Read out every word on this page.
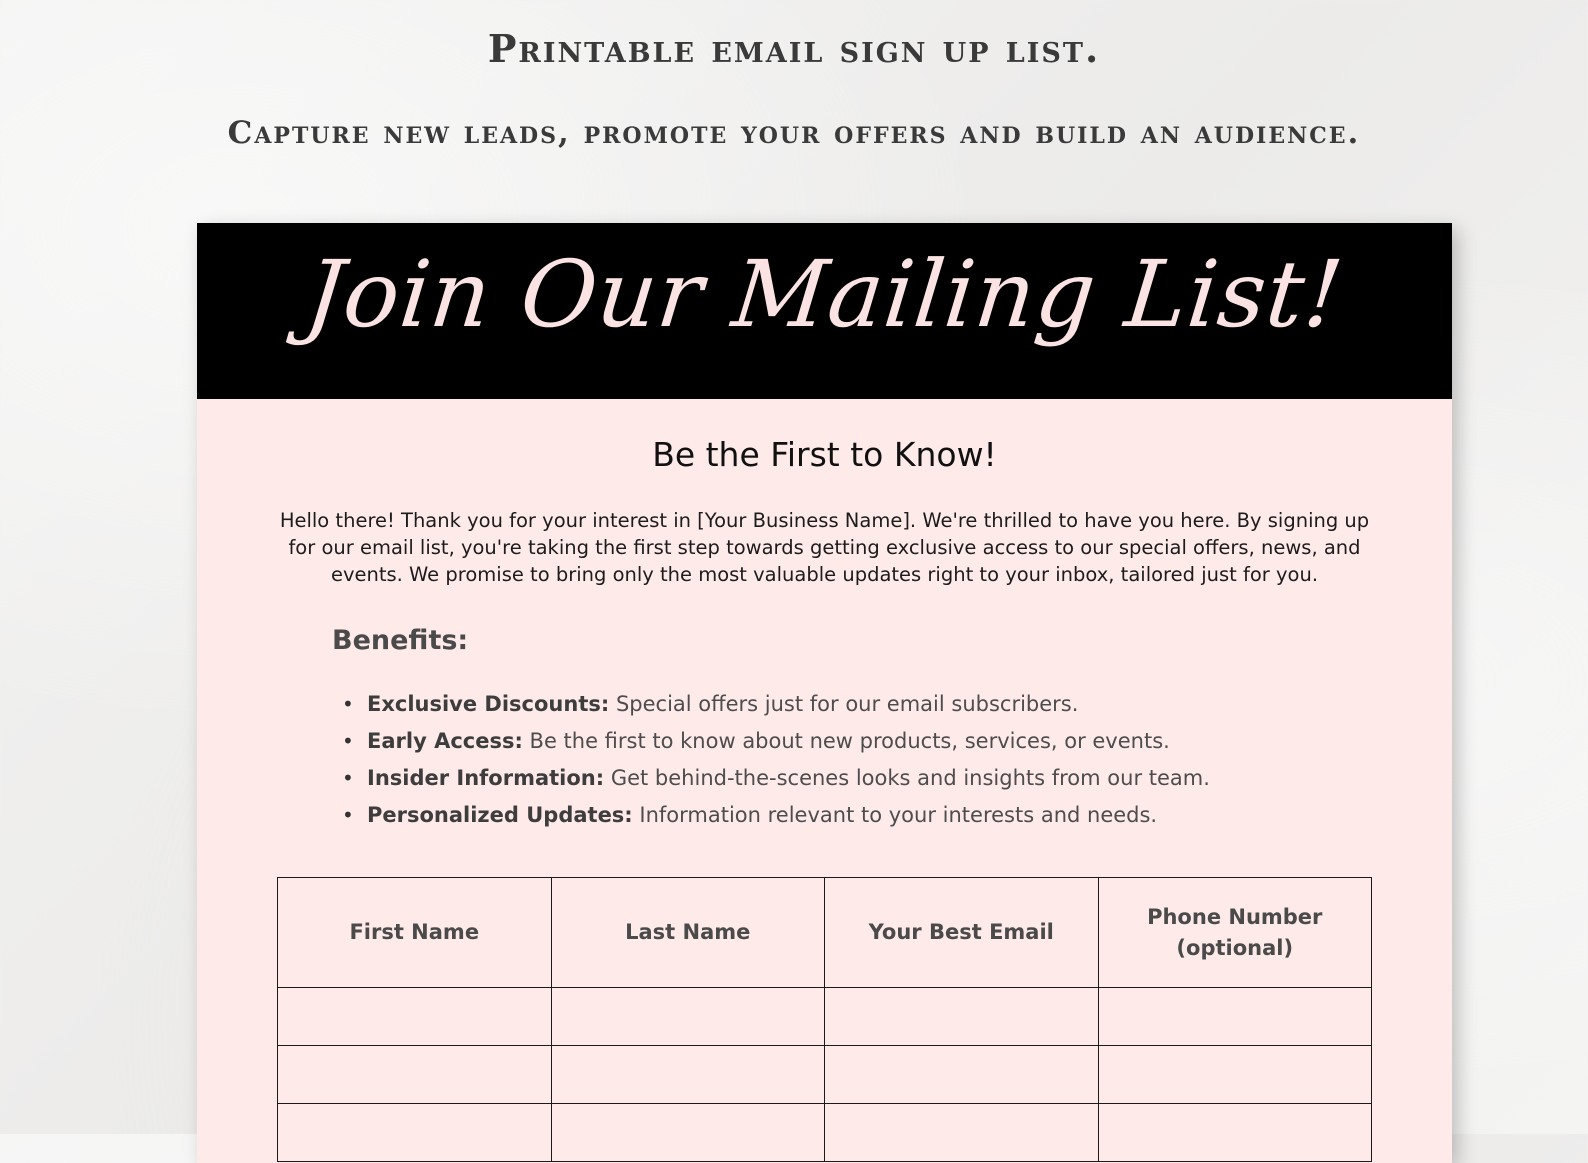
Printable email sign up list.
Capture new leads, promote your offers and build an audience.
Join Our Mailing List!
Be the First to Know!

Hello there! Thank you for your interest in [Your Business Name]. We're thrilled to have you here. By signing up for our email list, you're taking the first step towards getting exclusive access to our special offers, news, and events. We promise to bring only the most valuable updates right to your inbox, tailored just for you.

Benefits:
• Exclusive Discounts: Special offers just for our email subscribers.
• Early Access: Be the first to know about new products, services, or events.
• Insider Information: Get behind-the-scenes looks and insights from our team.
• Personalized Updates: Information relevant to your interests and needs.
First Name	Last Name	Your Best Email	Phone Number (optional)
